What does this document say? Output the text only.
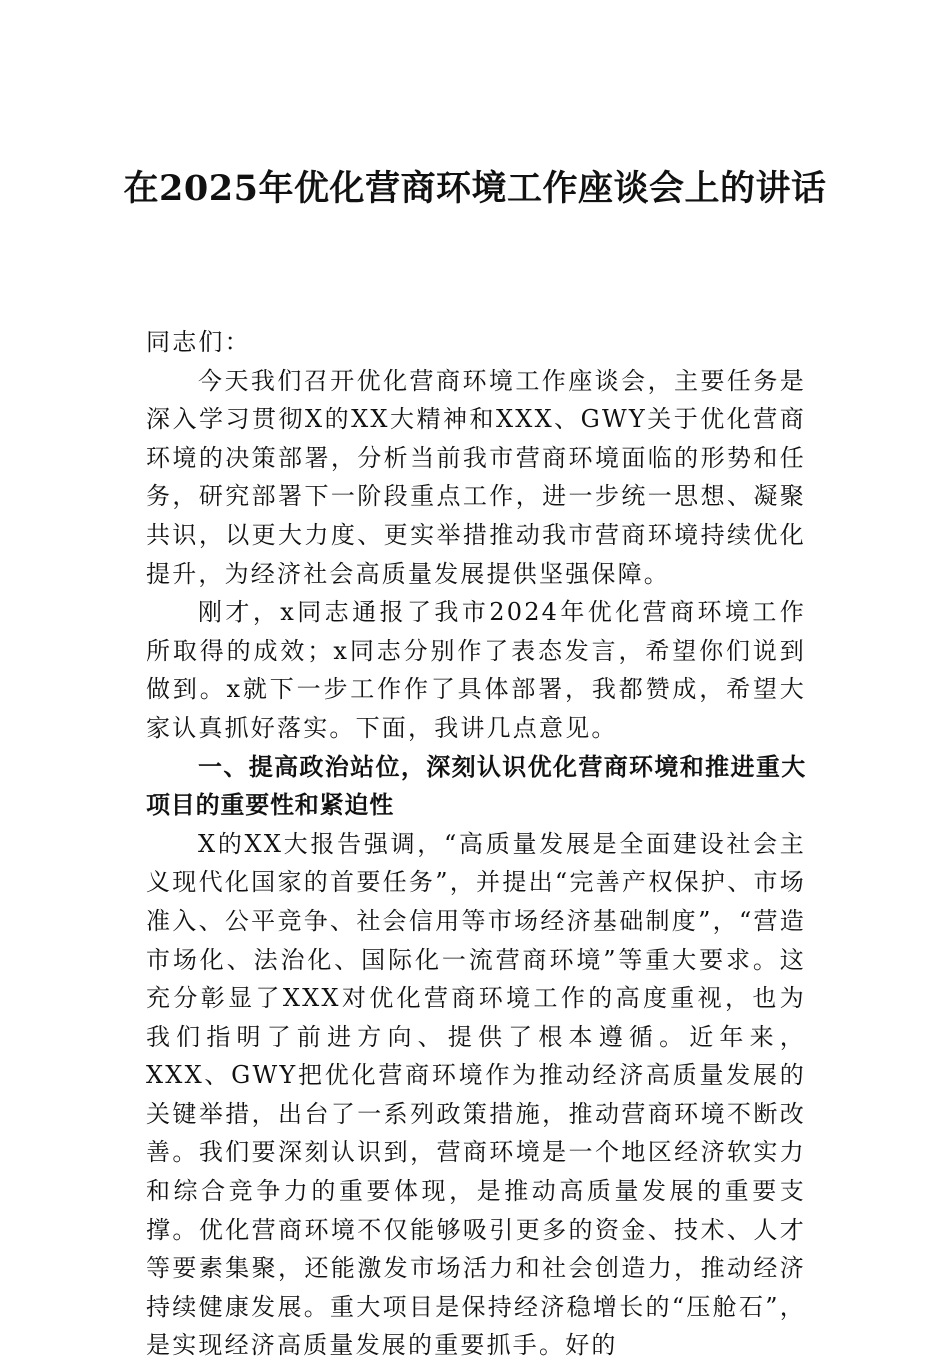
在2025年优化营商环境工作座谈会上的讲话

同志们：

今天我们召开优化营商环境工作座谈会，主要任务是深入学习贯彻X的XX大精神和XXX、GWY关于优化营商环境的决策部署，分析当前我市营商环境面临的形势和任务，研究部署下一阶段重点工作，进一步统一思想、凝聚共识，以更大力度、更实举措推动我市营商环境持续优化提升，为经济社会高质量发展提供坚强保障。

刚才，x同志通报了我市2024年优化营商环境工作所取得的成效；x同志分别作了表态发言，希望你们说到做到。x就下一步工作作了具体部署，我都赞成，希望大家认真抓好落实。下面，我讲几点意见。

一、提高政治站位，深刻认识优化营商环境和推进重大项目的重要性和紧迫性

X的XX大报告强调，“高质量发展是全面建设社会主义现代化国家的首要任务”，并提出“完善产权保护、市场准入、公平竞争、社会信用等市场经济基础制度”，“营造市场化、法治化、国际化一流营商环境”等重大要求。这充分彰显了XXX对优化营商环境工作的高度重视，也为我们指明了前进方向、提供了根本遵循。近年来，XXX、GWY把优化营商环境作为推动经济高质量发展的关键举措，出台了一系列政策措施，推动营商环境不断改善。我们要深刻认识到，营商环境是一个地区经济软实力和综合竞争力的重要体现，是推动高质量发展的重要支撑。优化营商环境不仅能够吸引更多的资金、技术、人才等要素集聚，还能激发市场活力和社会创造力，推动经济持续健康发展。重大项目是保持经济稳增长的“压舱石”，是实现经济高质量发展的重要抓手。好的
